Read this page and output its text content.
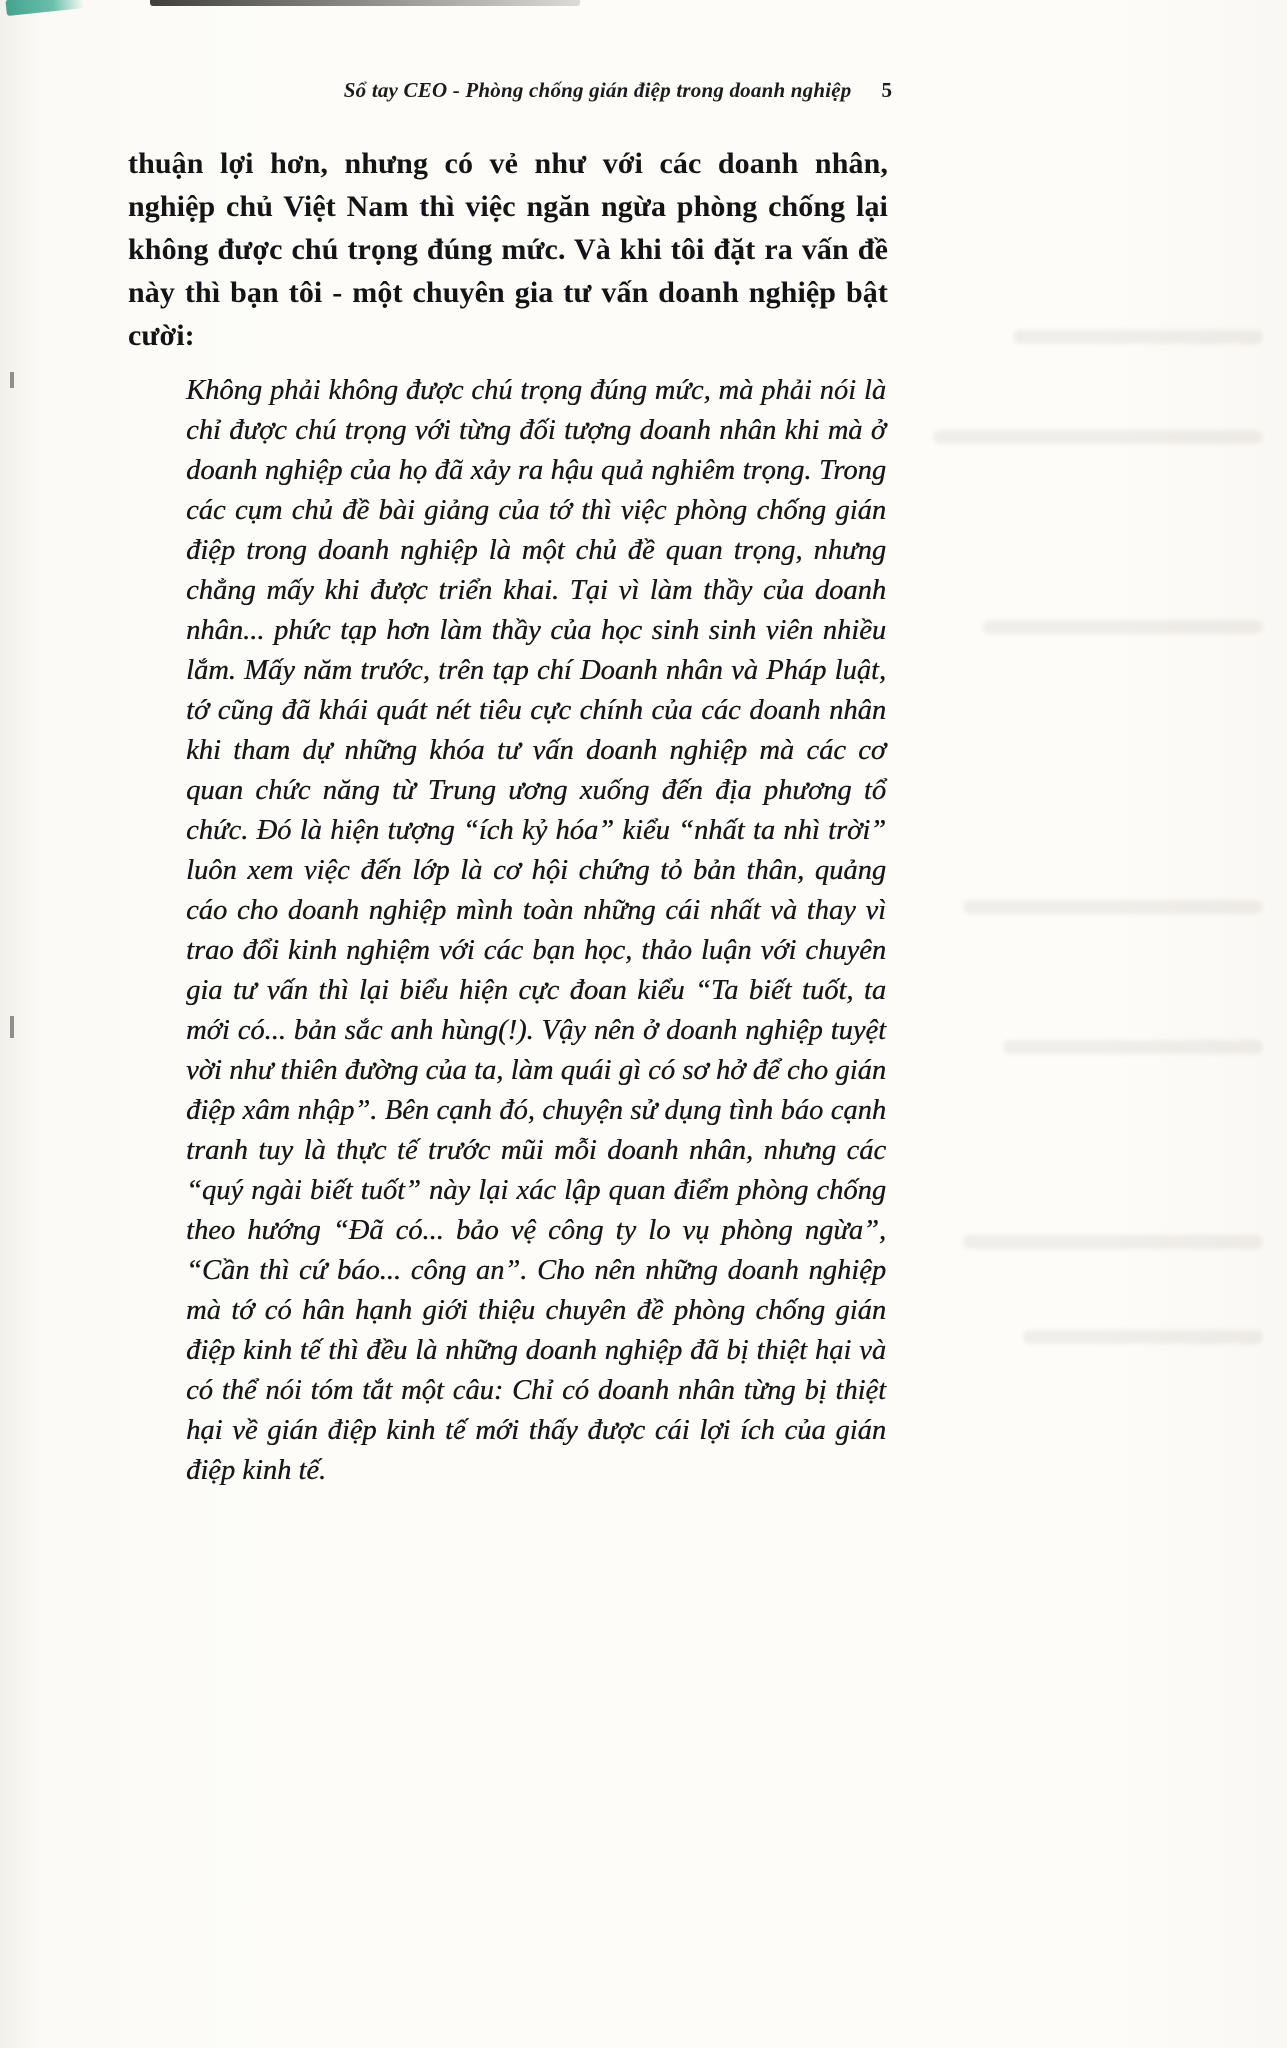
Sổ tay CEO - Phòng chống gián điệp trong doanh nghiệp 5

thuận lợi hơn, nhưng có vẻ như với các doanh nhân, nghiệp chủ Việt Nam thì việc ngăn ngừa phòng chống lại không được chú trọng đúng mức. Và khi tôi đặt ra vấn đề này thì bạn tôi - một chuyên gia tư vấn doanh nghiệp bật cười:

Không phải không được chú trọng đúng mức, mà phải nói là chỉ được chú trọng với từng đối tượng doanh nhân khi mà ở doanh nghiệp của họ đã xảy ra hậu quả nghiêm trọng. Trong các cụm chủ đề bài giảng của tớ thì việc phòng chống gián điệp trong doanh nghiệp là một chủ đề quan trọng, nhưng chẳng mấy khi được triển khai. Tại vì làm thầy của doanh nhân... phức tạp hơn làm thầy của học sinh sinh viên nhiều lắm. Mấy năm trước, trên tạp chí Doanh nhân và Pháp luật, tớ cũng đã khái quát nét tiêu cực chính của các doanh nhân khi tham dự những khóa tư vấn doanh nghiệp mà các cơ quan chức năng từ Trung ương xuống đến địa phương tổ chức. Đó là hiện tượng “ích kỷ hóa” kiểu “nhất ta nhì trời” luôn xem việc đến lớp là cơ hội chứng tỏ bản thân, quảng cáo cho doanh nghiệp mình toàn những cái nhất và thay vì trao đổi kinh nghiệm với các bạn học, thảo luận với chuyên gia tư vấn thì lại biểu hiện cực đoan kiểu “Ta biết tuốt, ta mới có... bản sắc anh hùng(!). Vậy nên ở doanh nghiệp tuyệt vời như thiên đường của ta, làm quái gì có sơ hở để cho gián điệp xâm nhập”. Bên cạnh đó, chuyện sử dụng tình báo cạnh tranh tuy là thực tế trước mũi mỗi doanh nhân, nhưng các “quý ngài biết tuốt” này lại xác lập quan điểm phòng chống theo hướng “Đã có... bảo vệ công ty lo vụ phòng ngừa”, “Cần thì cứ báo... công an”. Cho nên những doanh nghiệp mà tớ có hân hạnh giới thiệu chuyên đề phòng chống gián điệp kinh tế thì đều là những doanh nghiệp đã bị thiệt hại và có thể nói tóm tắt một câu: Chỉ có doanh nhân từng bị thiệt hại về gián điệp kinh tế mới thấy được cái lợi ích của gián điệp kinh tế.
